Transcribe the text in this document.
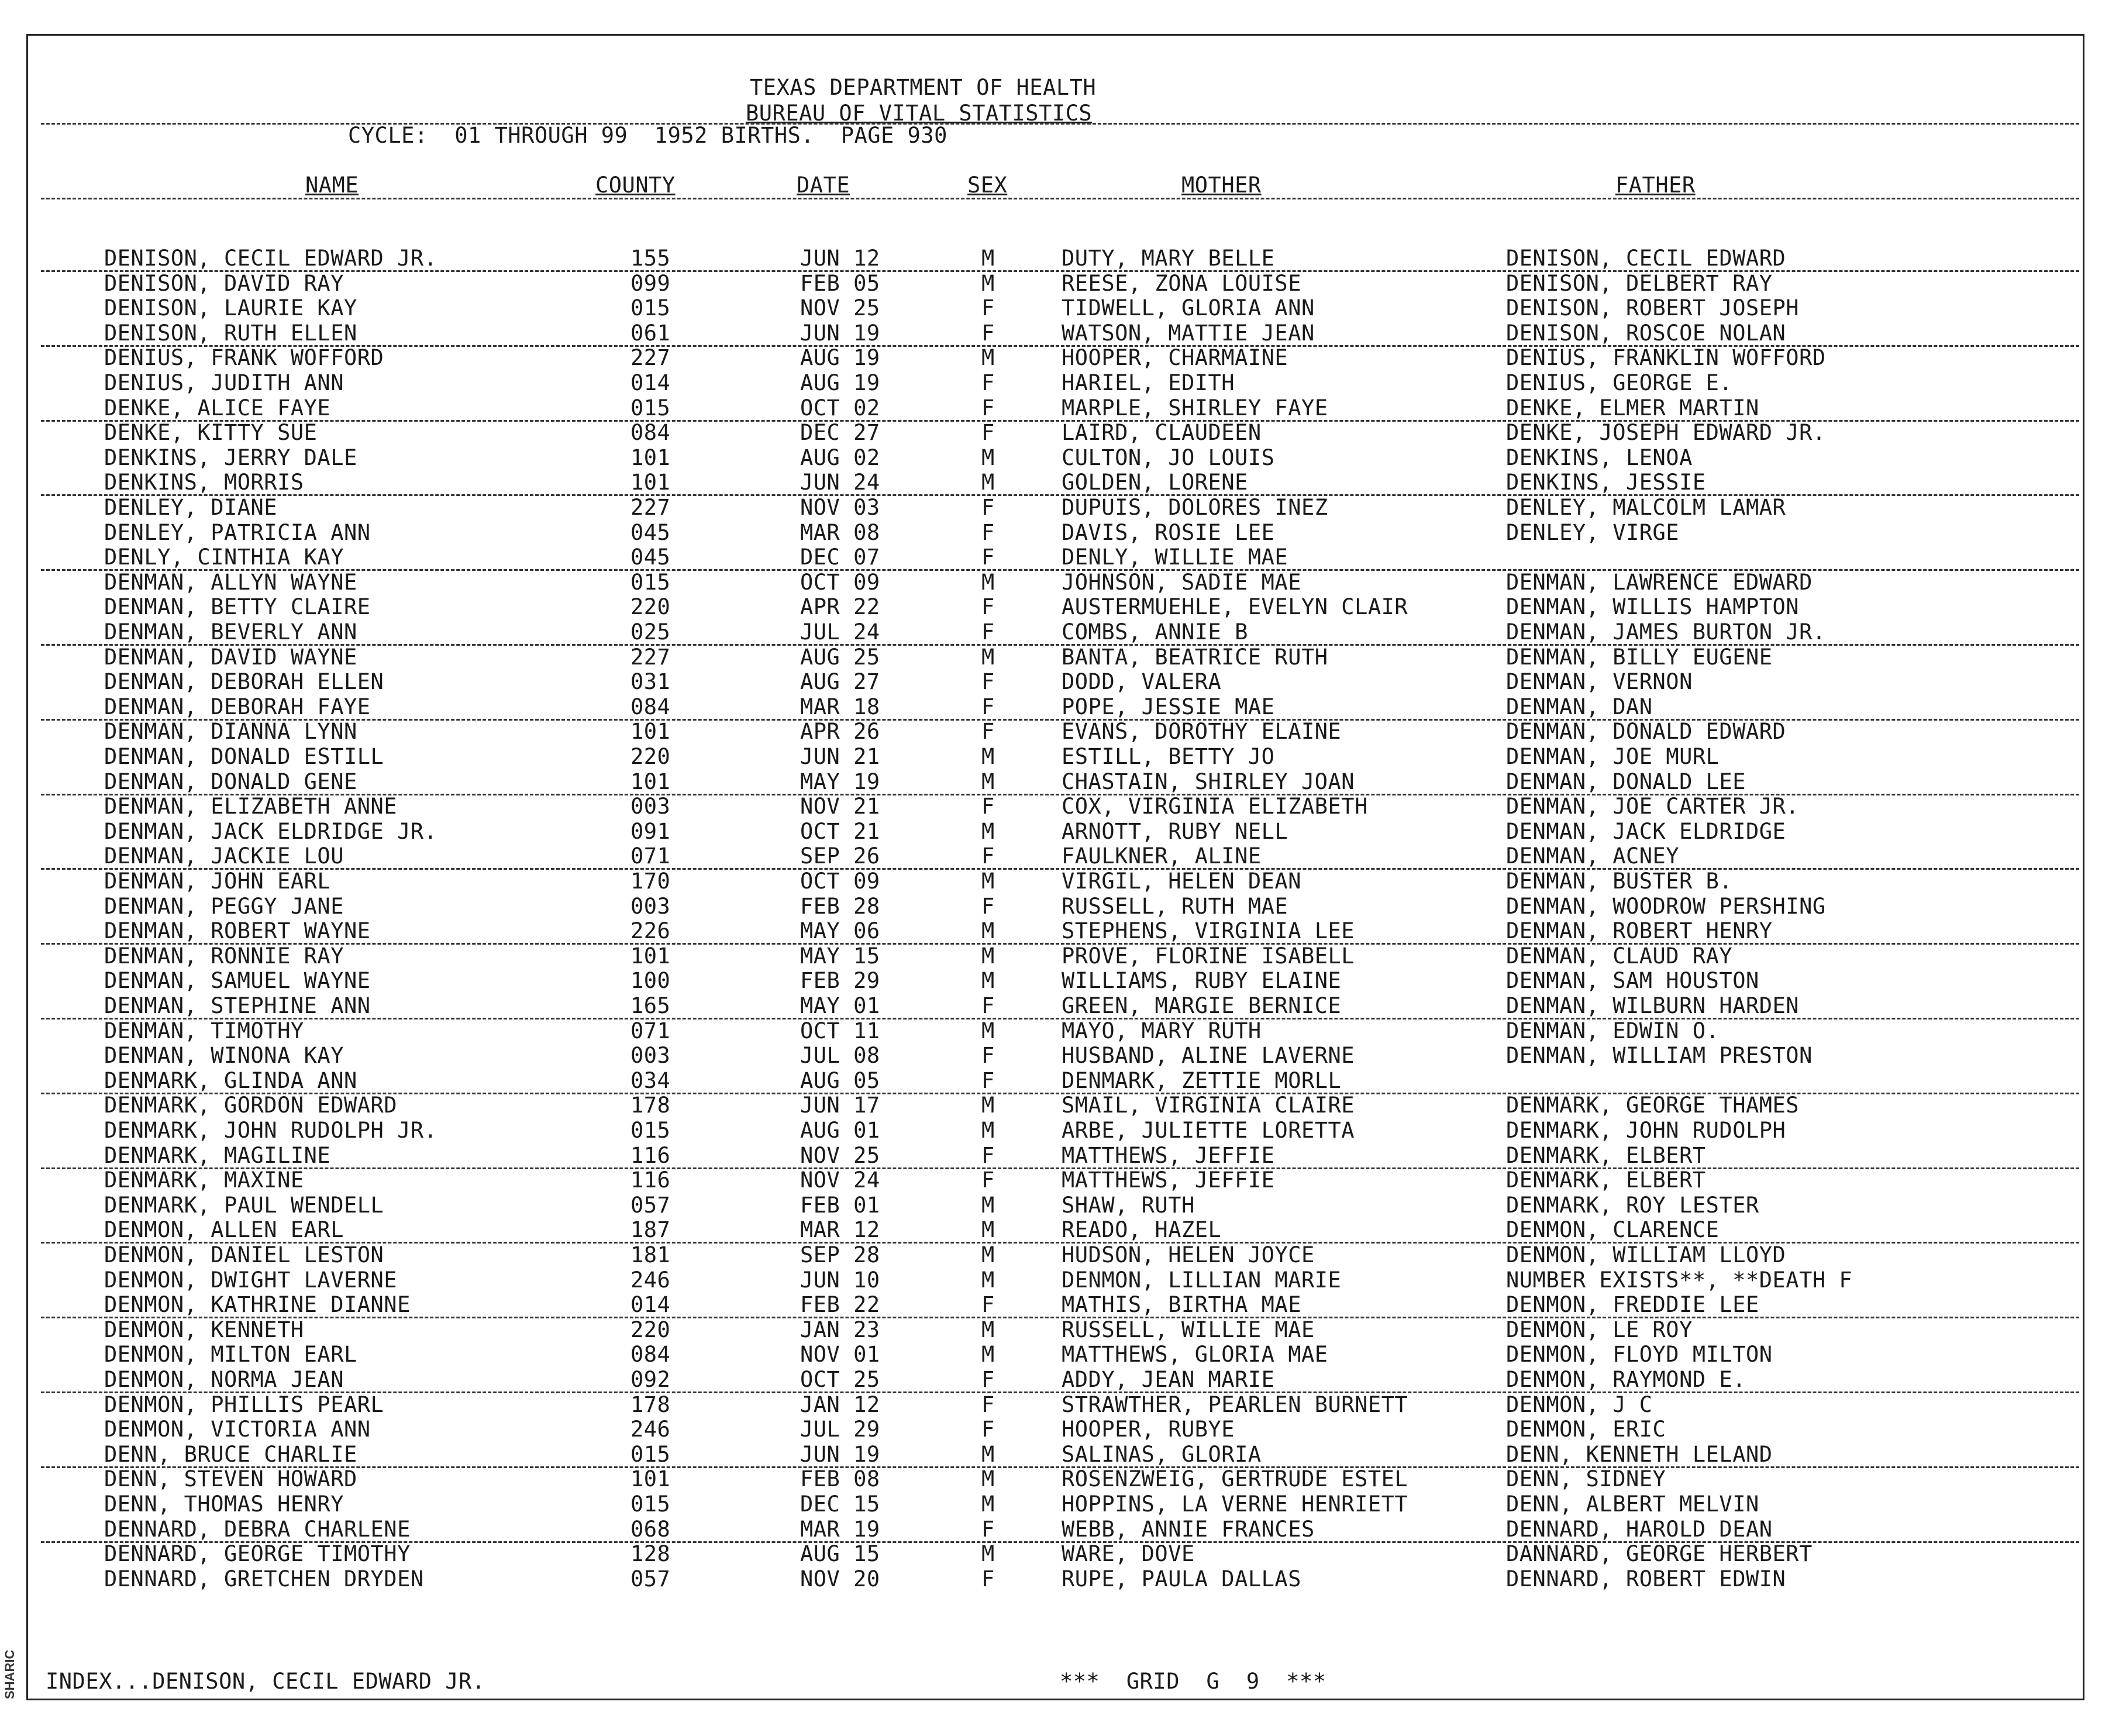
SHARIC
TEXAS DEPARTMENT OF HEALTH
BUREAU OF VITAL STATISTICS
CYCLE:  01 THROUGH 99  1952 BIRTHS.  PAGE 930
NAME	COUNTY	DATE	SEX	MOTHER	FATHER
DENISON, CECIL EDWARD JR.	155	JUN 12	M	DUTY, MARY BELLE	DENISON, CECIL EDWARD
DENISON, DAVID RAY	099	FEB 05	M	REESE, ZONA LOUISE	DENISON, DELBERT RAY
DENISON, LAURIE KAY	015	NOV 25	F	TIDWELL, GLORIA ANN	DENISON, ROBERT JOSEPH
DENISON, RUTH ELLEN	061	JUN 19	F	WATSON, MATTIE JEAN	DENISON, ROSCOE NOLAN
DENIUS, FRANK WOFFORD	227	AUG 19	M	HOOPER, CHARMAINE	DENIUS, FRANKLIN WOFFORD
DENIUS, JUDITH ANN	014	AUG 19	F	HARIEL, EDITH	DENIUS, GEORGE E.
DENKE, ALICE FAYE	015	OCT 02	F	MARPLE, SHIRLEY FAYE	DENKE, ELMER MARTIN
DENKE, KITTY SUE	084	DEC 27	F	LAIRD, CLAUDEEN	DENKE, JOSEPH EDWARD JR.
DENKINS, JERRY DALE	101	AUG 02	M	CULTON, JO LOUIS	DENKINS, LENOA
DENKINS, MORRIS	101	JUN 24	M	GOLDEN, LORENE	DENKINS, JESSIE
DENLEY, DIANE	227	NOV 03	F	DUPUIS, DOLORES INEZ	DENLEY, MALCOLM LAMAR
DENLEY, PATRICIA ANN	045	MAR 08	F	DAVIS, ROSIE LEE	DENLEY, VIRGE
DENLY, CINTHIA KAY	045	DEC 07	F	DENLY, WILLIE MAE
DENMAN, ALLYN WAYNE	015	OCT 09	M	JOHNSON, SADIE MAE	DENMAN, LAWRENCE EDWARD
DENMAN, BETTY CLAIRE	220	APR 22	F	AUSTERMUEHLE, EVELYN CLAIR	DENMAN, WILLIS HAMPTON
DENMAN, BEVERLY ANN	025	JUL 24	F	COMBS, ANNIE B	DENMAN, JAMES BURTON JR.
DENMAN, DAVID WAYNE	227	AUG 25	M	BANTA, BEATRICE RUTH	DENMAN, BILLY EUGENE
DENMAN, DEBORAH ELLEN	031	AUG 27	F	DODD, VALERA	DENMAN, VERNON
DENMAN, DEBORAH FAYE	084	MAR 18	F	POPE, JESSIE MAE	DENMAN, DAN
DENMAN, DIANNA LYNN	101	APR 26	F	EVANS, DOROTHY ELAINE	DENMAN, DONALD EDWARD
DENMAN, DONALD ESTILL	220	JUN 21	M	ESTILL, BETTY JO	DENMAN, JOE MURL
DENMAN, DONALD GENE	101	MAY 19	M	CHASTAIN, SHIRLEY JOAN	DENMAN, DONALD LEE
DENMAN, ELIZABETH ANNE	003	NOV 21	F	COX, VIRGINIA ELIZABETH	DENMAN, JOE CARTER JR.
DENMAN, JACK ELDRIDGE JR.	091	OCT 21	M	ARNOTT, RUBY NELL	DENMAN, JACK ELDRIDGE
DENMAN, JACKIE LOU	071	SEP 26	F	FAULKNER, ALINE	DENMAN, ACNEY
DENMAN, JOHN EARL	170	OCT 09	M	VIRGIL, HELEN DEAN	DENMAN, BUSTER B.
DENMAN, PEGGY JANE	003	FEB 28	F	RUSSELL, RUTH MAE	DENMAN, WOODROW PERSHING
DENMAN, ROBERT WAYNE	226	MAY 06	M	STEPHENS, VIRGINIA LEE	DENMAN, ROBERT HENRY
DENMAN, RONNIE RAY	101	MAY 15	M	PROVE, FLORINE ISABELL	DENMAN, CLAUD RAY
DENMAN, SAMUEL WAYNE	100	FEB 29	M	WILLIAMS, RUBY ELAINE	DENMAN, SAM HOUSTON
DENMAN, STEPHINE ANN	165	MAY 01	F	GREEN, MARGIE BERNICE	DENMAN, WILBURN HARDEN
DENMAN, TIMOTHY	071	OCT 11	M	MAYO, MARY RUTH	DENMAN, EDWIN O.
DENMAN, WINONA KAY	003	JUL 08	F	HUSBAND, ALINE LAVERNE	DENMAN, WILLIAM PRESTON
DENMARK, GLINDA ANN	034	AUG 05	F	DENMARK, ZETTIE MORLL
DENMARK, GORDON EDWARD	178	JUN 17	M	SMAIL, VIRGINIA CLAIRE	DENMARK, GEORGE THAMES
DENMARK, JOHN RUDOLPH JR.	015	AUG 01	M	ARBE, JULIETTE LORETTA	DENMARK, JOHN RUDOLPH
DENMARK, MAGILINE	116	NOV 25	F	MATTHEWS, JEFFIE	DENMARK, ELBERT
DENMARK, MAXINE	116	NOV 24	F	MATTHEWS, JEFFIE	DENMARK, ELBERT
DENMARK, PAUL WENDELL	057	FEB 01	M	SHAW, RUTH	DENMARK, ROY LESTER
DENMON, ALLEN EARL	187	MAR 12	M	READO, HAZEL	DENMON, CLARENCE
DENMON, DANIEL LESTON	181	SEP 28	M	HUDSON, HELEN JOYCE	DENMON, WILLIAM LLOYD
DENMON, DWIGHT LAVERNE	246	JUN 10	M	DENMON, LILLIAN MARIE	NUMBER EXISTS**, **DEATH F
DENMON, KATHRINE DIANNE	014	FEB 22	F	MATHIS, BIRTHA MAE	DENMON, FREDDIE LEE
DENMON, KENNETH	220	JAN 23	M	RUSSELL, WILLIE MAE	DENMON, LE ROY
DENMON, MILTON EARL	084	NOV 01	M	MATTHEWS, GLORIA MAE	DENMON, FLOYD MILTON
DENMON, NORMA JEAN	092	OCT 25	F	ADDY, JEAN MARIE	DENMON, RAYMOND E.
DENMON, PHILLIS PEARL	178	JAN 12	F	STRAWTHER, PEARLEN BURNETT	DENMON, J C
DENMON, VICTORIA ANN	246	JUL 29	F	HOOPER, RUBYE	DENMON, ERIC
DENN, BRUCE CHARLIE	015	JUN 19	M	SALINAS, GLORIA	DENN, KENNETH LELAND
DENN, STEVEN HOWARD	101	FEB 08	M	ROSENZWEIG, GERTRUDE ESTEL	DENN, SIDNEY
DENN, THOMAS HENRY	015	DEC 15	M	HOPPINS, LA VERNE HENRIETT	DENN, ALBERT MELVIN
DENNARD, DEBRA CHARLENE	068	MAR 19	F	WEBB, ANNIE FRANCES	DENNARD, HAROLD DEAN
DENNARD, GEORGE TIMOTHY	128	AUG 15	M	WARE, DOVE	DANNARD, GEORGE HERBERT
DENNARD, GRETCHEN DRYDEN	057	NOV 20	F	RUPE, PAULA DALLAS	DENNARD, ROBERT EDWIN
INDEX...DENISON, CECIL EDWARD JR.	***  GRID  G  9  ***
